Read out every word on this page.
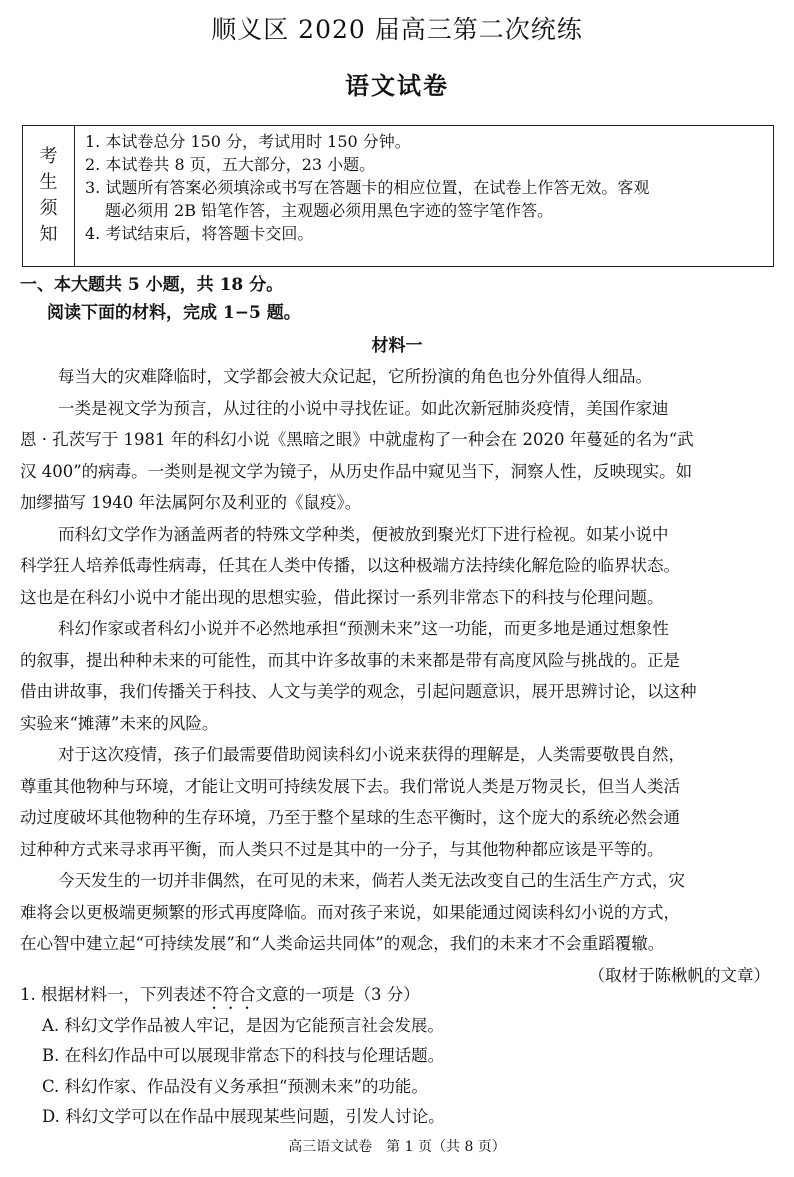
顺义区 2020 届高三第二次统练
语文试卷
考
生
须
知
1. 本试卷总分 150 分，考试用时 150 分钟。
2. 本试卷共 8 页，五大部分，23 小题。
3. 试题所有答案必须填涂或书写在答题卡的相应位置，在试卷上作答无效。客观
题必须用 2B 铅笔作答，主观题必须用黑色字迹的签字笔作答。
4. 考试结束后，将答题卡交回。
一、本大题共 5 小题，共 18 分。
阅读下面的材料，完成 1−5 题。
材料一
每当大的灾难降临时，文学都会被大众记起，它所扮演的角色也分外值得人细品。
一类是视文学为预言，从过往的小说中寻找佐证。如此次新冠肺炎疫情，美国作家迪
恩 · 孔茨写于 1981 年的科幻小说《黑暗之眼》中就虚构了一种会在 2020 年蔓延的名为“武
汉 400”的病毒。一类则是视文学为镜子，从历史作品中窥见当下，洞察人性，反映现实。如
加缪描写 1940 年法属阿尔及利亚的《鼠疫》。
而科幻文学作为涵盖两者的特殊文学种类，便被放到聚光灯下进行检视。如某小说中
科学狂人培养低毒性病毒，任其在人类中传播，以这种极端方法持续化解危险的临界状态。
这也是在科幻小说中才能出现的思想实验，借此探讨一系列非常态下的科技与伦理问题。
科幻作家或者科幻小说并不必然地承担“预测未来”这一功能，而更多地是通过想象性
的叙事，提出种种未来的可能性，而其中许多故事的未来都是带有高度风险与挑战的。正是
借由讲故事，我们传播关于科技、人文与美学的观念，引起问题意识，展开思辨讨论，以这种
实验来“摊薄”未来的风险。
对于这次疫情，孩子们最需要借助阅读科幻小说来获得的理解是，人类需要敬畏自然，
尊重其他物种与环境，才能让文明可持续发展下去。我们常说人类是万物灵长，但当人类活
动过度破坏其他物种的生存环境，乃至于整个星球的生态平衡时，这个庞大的系统必然会通
过种种方式来寻求再平衡，而人类只不过是其中的一分子，与其他物种都应该是平等的。
今天发生的一切并非偶然，在可见的未来，倘若人类无法改变自己的生活生产方式，灾
难将会以更极端更频繁的形式再度降临。而对孩子来说，如果能通过阅读科幻小说的方式，
在心智中建立起“可持续发展”和“人类命运共同体”的观念，我们的未来才不会重蹈覆辙。
（取材于陈楸帆的文章）
1. 根据材料一，下列表述不符合文意的一项是（3 分）
A. 科幻文学作品被人牢记，是因为它能预言社会发展。
B. 在科幻作品中可以展现非常态下的科技与伦理话题。
C. 科幻作家、作品没有义务承担“预测未来”的功能。
D. 科幻文学可以在作品中展现某些问题，引发人讨论。
高三语文试卷　第 1 页（共 8 页）
